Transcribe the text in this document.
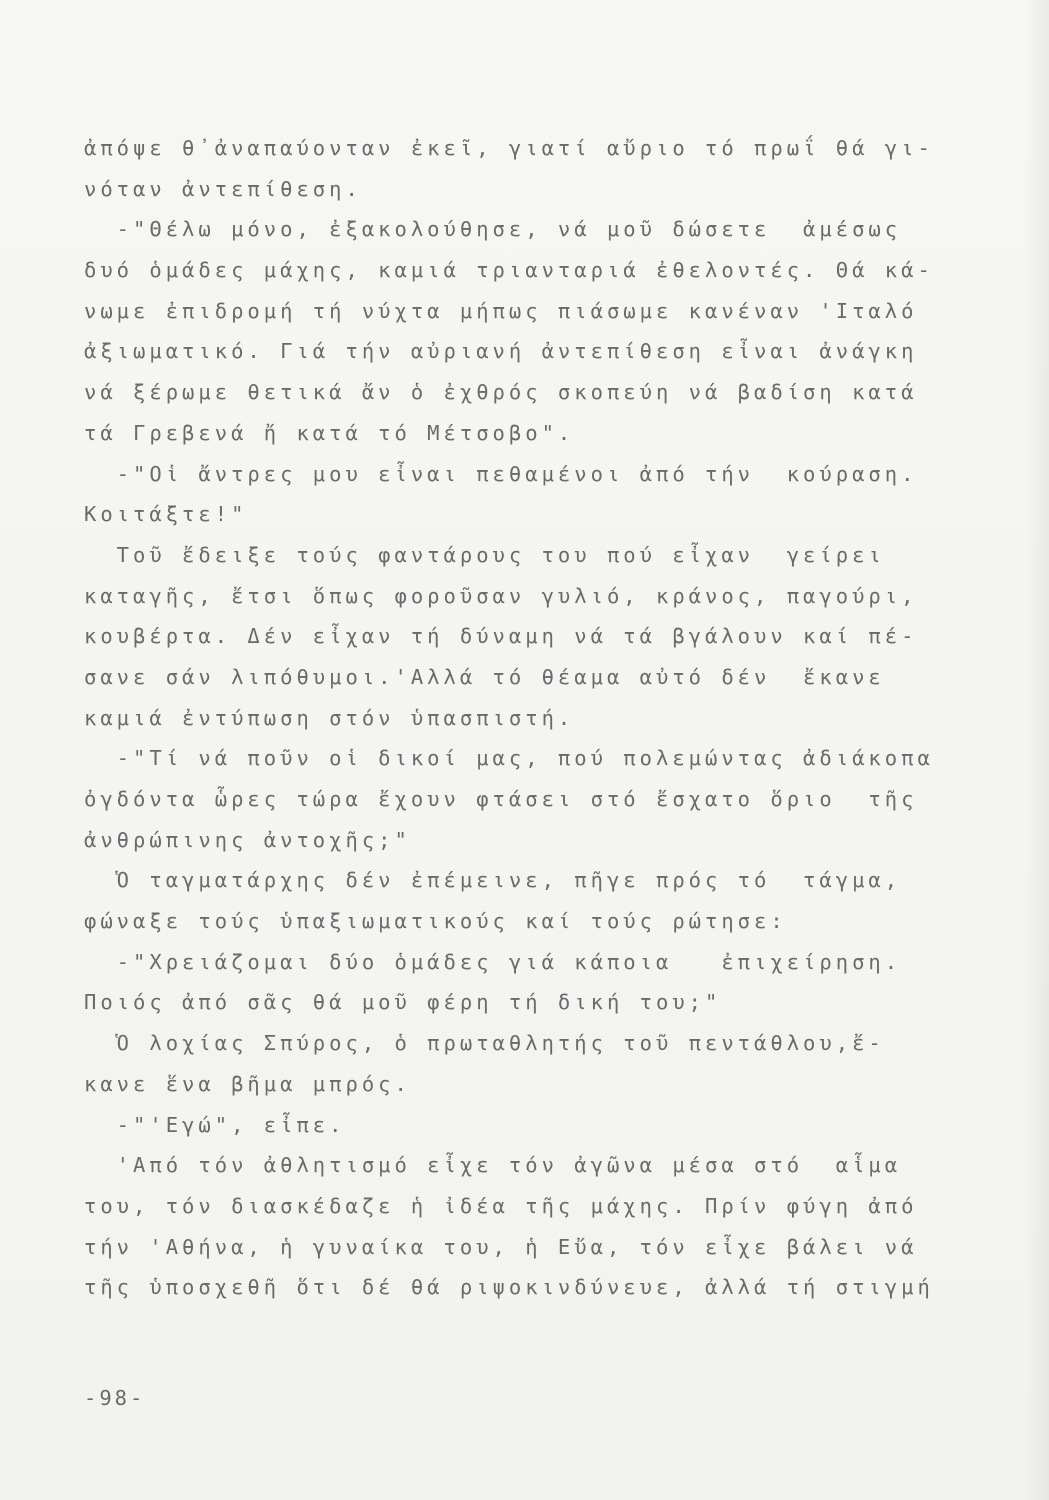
ἀπόψε θ᾽ἀναπαύονταν ἐκεῖ, γιατί αὔριο τό πρωΐ θά γι-
νόταν ἀντεπίθεση.
-"Θέλω μόνο, ἐξακολούθησε, νά μοῦ δώσετε  ἀμέσως
δυό ὁμάδες μάχης, καμιά τριανταριά ἐθελοντές. Θά κά-
νωμε ἐπιδρομή τή νύχτα μήπως πιάσωμε κανέναν 'Ιταλό
ἀξιωματικό. Γιά τήν αὐριανή ἀντεπίθεση εἶναι ἀνάγκη
νά ξέρωμε θετικά ἄν ὁ ἐχθρός σκοπεύη νά βαδίση κατά
τά Γρεβενά ἤ κατά τό Μέτσοβο".
-"Οἱ ἄντρες μου εἶναι πεθαμένοι ἀπό τήν  κούραση.
Κοιτάξτε!"
Τοῦ ἔδειξε τούς φαντάρους του πού εἶχαν  γείρει
καταγῆς, ἔτσι ὅπως φοροῦσαν γυλιό, κράνος, παγούρι,
κουβέρτα. Δέν εἶχαν τή δύναμη νά τά βγάλουν καί πέ-
σανε σάν λιπόθυμοι.'Αλλά τό θέαμα αὐτό δέν  ἔκανε
καμιά ἐντύπωση στόν ὑπασπιστή.
-"Τί νά ποῦν οἱ δικοί μας, πού πολεμώντας ἀδιάκοπα
ὀγδόντα ὧρες τώρα ἔχουν φτάσει στό ἔσχατο ὅριο  τῆς
ἀνθρώπινης ἀντοχῆς;"
Ὁ ταγματάρχης δέν ἐπέμεινε, πῆγε πρός τό  τάγμα,
φώναξε τούς ὑπαξιωματικούς καί τούς ρώτησε:
-"Χρειάζομαι δύο ὁμάδες γιά κάποια   ἐπιχείρηση.
Ποιός ἀπό σᾶς θά μοῦ φέρη τή δική του;"
Ὁ λοχίας Σπύρος, ὁ πρωταθλητής τοῦ πεντάθλου,ἔ-
κανε ἕνα βῆμα μπρός.
-"'Εγώ", εἶπε.
'Από τόν ἀθλητισμό εἶχε τόν ἀγῶνα μέσα στό  αἷμα
του, τόν διασκέδαζε ἡ ἰδέα τῆς μάχης. Πρίν φύγη ἀπό
τήν 'Αθήνα, ἡ γυναίκα του, ἡ Εὔα, τόν εἶχε βάλει νά
τῆς ὑποσχεθῆ ὅτι δέ θά ριψοκινδύνευε, ἀλλά τή στιγμή
-98-
